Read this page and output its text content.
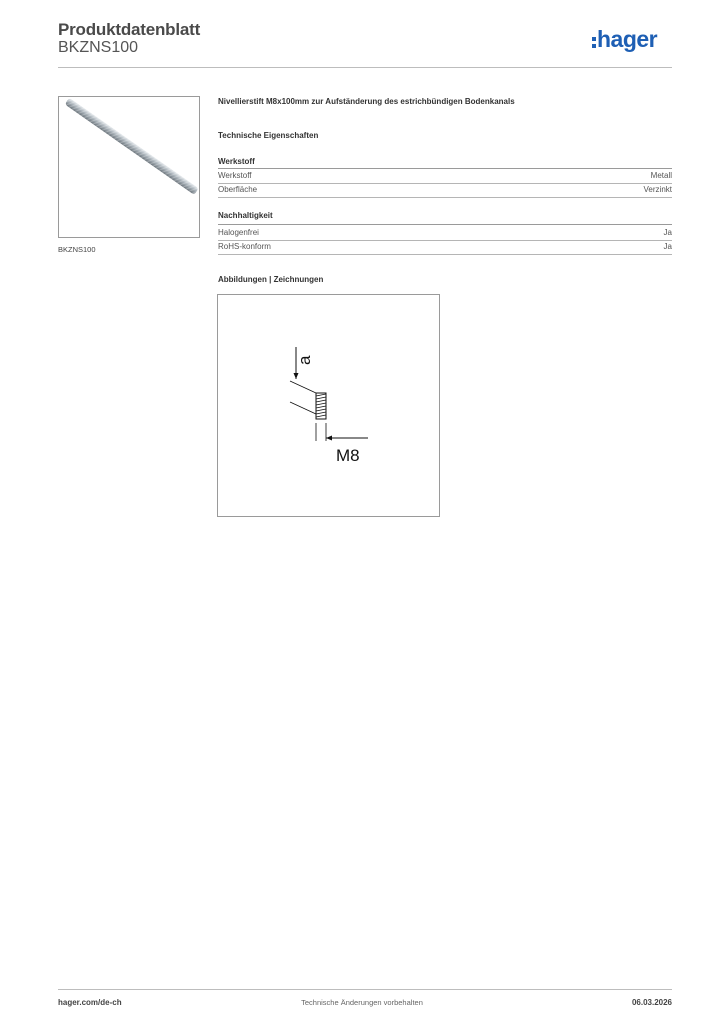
Produktdatenblatt
BKZNS100	hager
BKZNS100
Nivellierstift M8x100mm zur Aufständerung des estrichbündigen Bodenkanals
Technische Eigenschaften
Werkstoff
Werkstoff	Metall
Oberfläche	Verzinkt
Nachhaltigkeit
Halogenfrei	Ja
RoHS-konform	Ja
Abbildungen | Zeichnungen
a
M8
hager.com/de-ch	Technische Änderungen vorbehalten	06.03.2026
